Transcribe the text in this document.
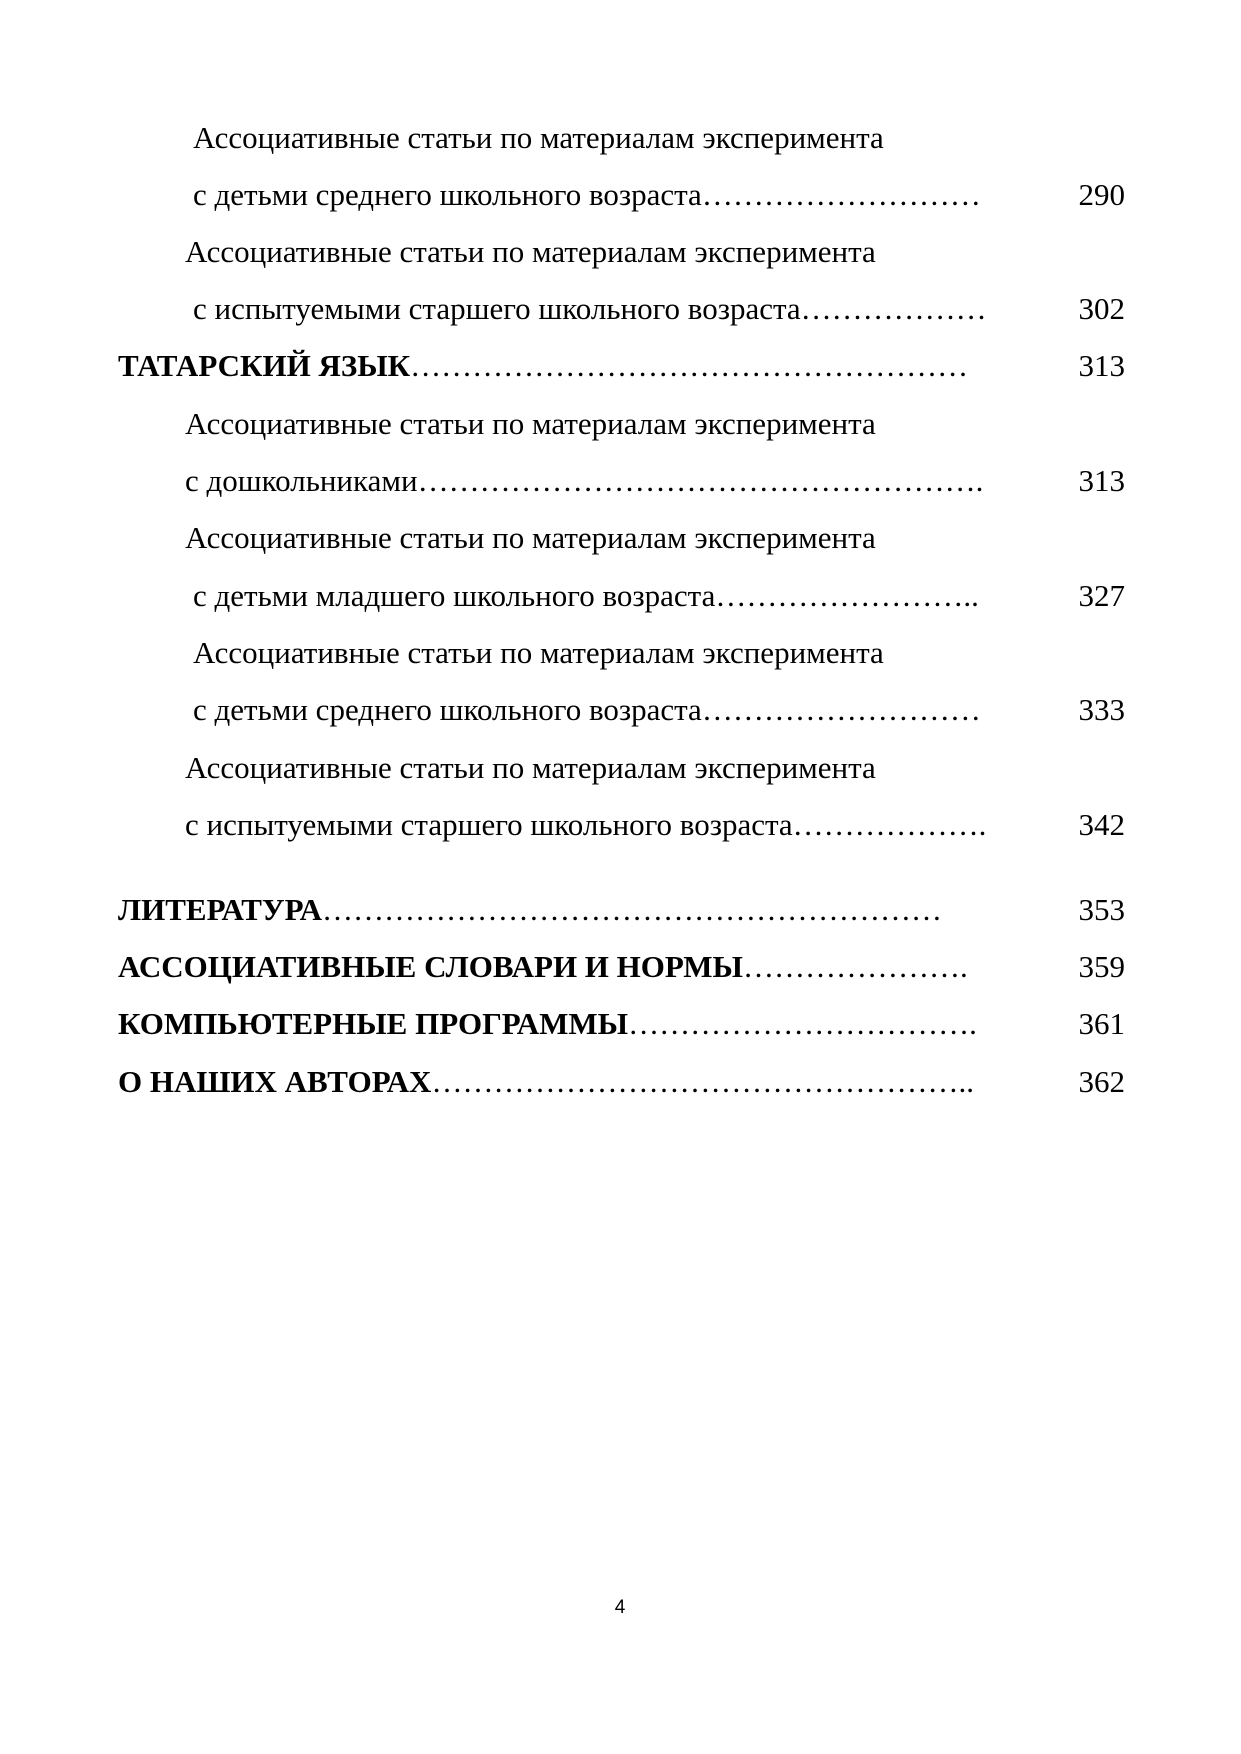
Ассоциативные статьи по материалам эксперимента
с детьми среднего школьного возраста………………………	290
Ассоциативные статьи по материалам эксперимента
с испытуемыми старшего школьного возраста………………	302
ТАТАРСКИЙ ЯЗЫК………………………………………………	313
Ассоциативные статьи по материалам эксперимента
с дошкольниками……………………………………………….	313
Ассоциативные статьи по материалам эксперимента
с детьми младшего школьного возраста……………………..	327
Ассоциативные статьи по материалам эксперимента
с детьми среднего школьного возраста………………………	333
Ассоциативные статьи по материалам эксперимента
с испытуемыми старшего школьного возраста……………….	342
ЛИТЕРАТУРА……………………………………………………	353
АССОЦИАТИВНЫЕ СЛОВАРИ И НОРМЫ………………….	359
КОМПЬЮТЕРНЫЕ ПРОГРАММЫ…………………………….	361
О НАШИХ АВТОРАХ……………………………………………..	362
4
